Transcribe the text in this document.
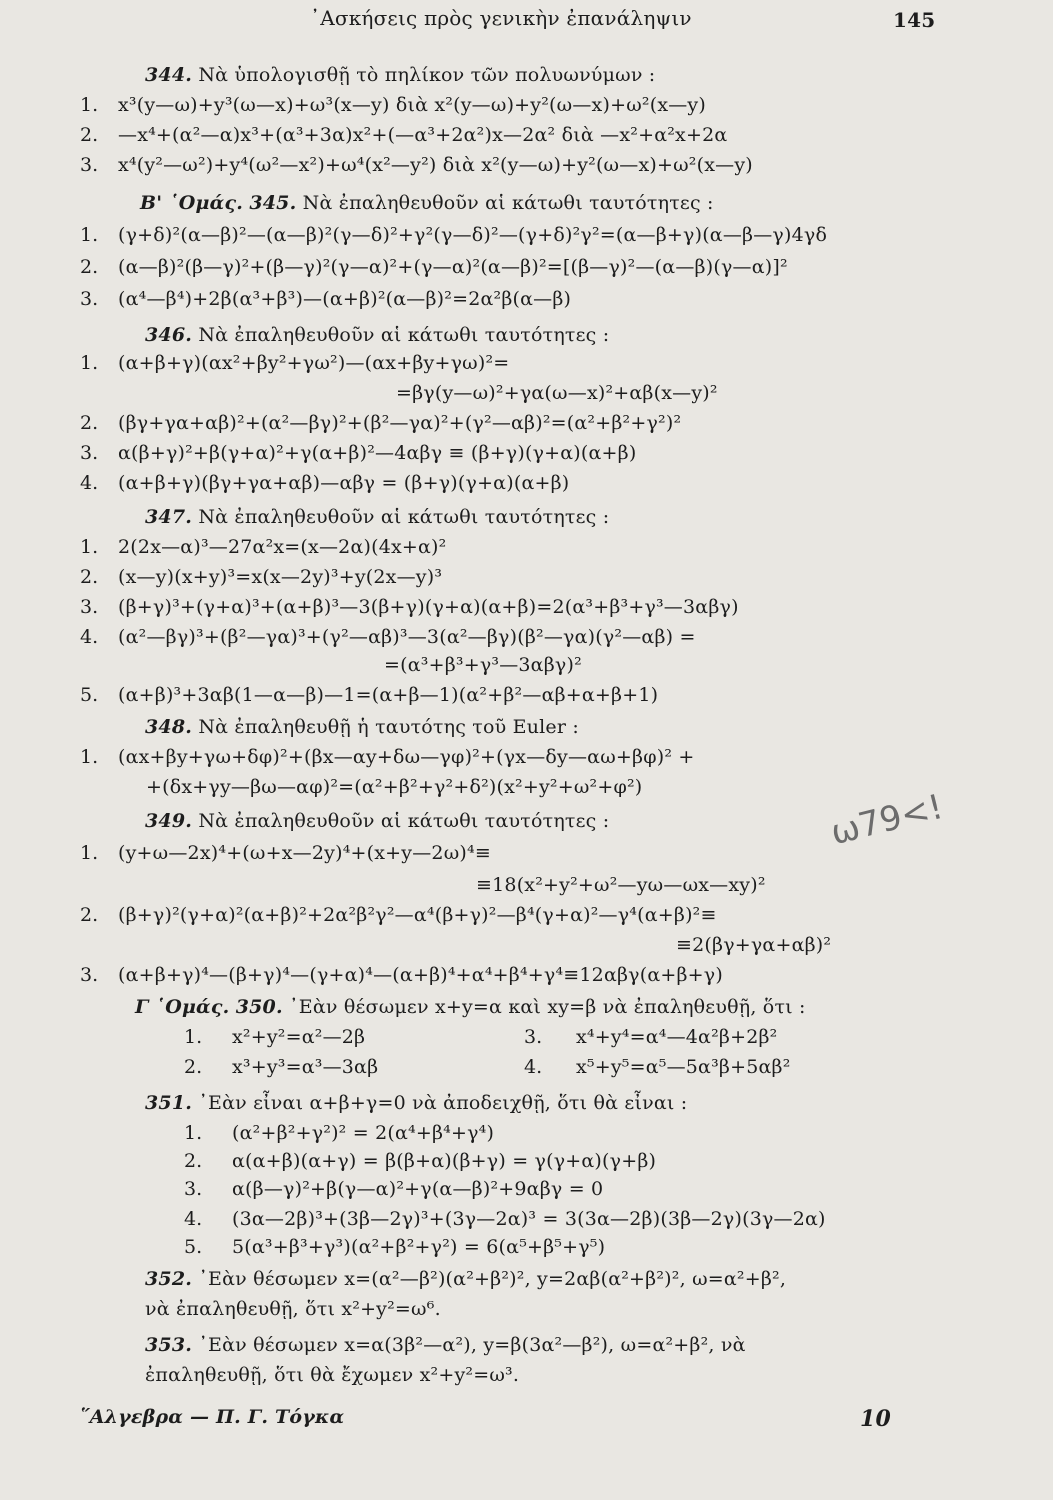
᾿Ασκήσεις πρὸς γενικὴν ἐπανάληψιν	145
344. Νὰ ὑπολογισθῇ τὸ πηλίκον τῶν πολυωνύμων :
1. x³(y—ω)+y³(ω—x)+ω³(x—y) διὰ x²(y—ω)+y²(ω—x)+ω²(x—y)
2. —x⁴+(α²—α)x³+(α³+3α)x²+(—α³+2α²)x—2α² διὰ —x²+α²x+2α
3. x⁴(y²—ω²)+y⁴(ω²—x²)+ω⁴(x²—y²) διὰ x²(y—ω)+y²(ω—x)+ω²(x—y)
Β' ῾Ομάς. 345. Νὰ ἐπαληθευθοῦν αἱ κάτωθι ταυτότητες :
1. (γ+δ)²(α—β)²—(α—β)²(γ—δ)²+γ²(γ—δ)²—(γ+δ)²γ²=(α—β+γ)(α—β—γ)4γδ
2. (α—β)²(β—γ)²+(β—γ)²(γ—α)²+(γ—α)²(α—β)²=[(β—γ)²—(α—β)(γ—α)]²
3. (α⁴—β⁴)+2β(α³+β³)—(α+β)²(α—β)²=2α²β(α—β)
346. Νὰ ἐπαληθευθοῦν αἱ κάτωθι ταυτότητες :
1. (α+β+γ)(αx²+βy²+γω²)—(αx+βy+γω)²=
=βγ(y—ω)²+γα(ω—x)²+αβ(x—y)²
2. (βγ+γα+αβ)²+(α²—βγ)²+(β²—γα)²+(γ²—αβ)²=(α²+β²+γ²)²
3. α(β+γ)²+β(γ+α)²+γ(α+β)²—4αβγ ≡ (β+γ)(γ+α)(α+β)
4. (α+β+γ)(βγ+γα+αβ)—αβγ = (β+γ)(γ+α)(α+β)
347. Νὰ ἐπαληθευθοῦν αἱ κάτωθι ταυτότητες :
1. 2(2x—α)³—27α²x=(x—2α)(4x+α)²
2. (x—y)(x+y)³=x(x—2y)³+y(2x—y)³
3. (β+γ)³+(γ+α)³+(α+β)³—3(β+γ)(γ+α)(α+β)=2(α³+β³+γ³—3αβγ)
4. (α²—βγ)³+(β²—γα)³+(γ²—αβ)³—3(α²—βγ)(β²—γα)(γ²—αβ) =
=(α³+β³+γ³—3αβγ)²
5. (α+β)³+3αβ(1—α—β)—1=(α+β—1)(α²+β²—αβ+α+β+1)
348. Νὰ ἐπαληθευθῇ ἡ ταυτότης τοῦ Euler :
1. (αx+βy+γω+δφ)²+(βx—αy+δω—γφ)²+(γx—δy—αω+βφ)² +
+(δx+γy—βω—αφ)²=(α²+β²+γ²+δ²)(x²+y²+ω²+φ²)
349. Νὰ ἐπαληθευθοῦν αἱ κάτωθι ταυτότητες :
1. (y+ω—2x)⁴+(ω+x—2y)⁴+(x+y—2ω)⁴≡
≡18(x²+y²+ω²—yω—ωx—xy)²
2. (β+γ)²(γ+α)²(α+β)²+2α²β²γ²—α⁴(β+γ)²—β⁴(γ+α)²—γ⁴(α+β)²≡
≡2(βγ+γα+αβ)²
3. (α+β+γ)⁴—(β+γ)⁴—(γ+α)⁴—(α+β)⁴+α⁴+β⁴+γ⁴≡12αβγ(α+β+γ)
Γ ῾Ομάς. 350. ᾿Εὰν θέσωμεν x+y=α καὶ xy=β νὰ ἐπαληθευθῇ, ὅτι :
1. x²+y²=α²—2β	3. x⁴+y⁴=α⁴—4α²β+2β²
2. x³+y³=α³—3αβ	4. x⁵+y⁵=α⁵—5α³β+5αβ²
351. ᾿Εὰν εἶναι α+β+γ=0 νὰ ἀποδειχθῇ, ὅτι θὰ εἶναι :
1. (α²+β²+γ²)² = 2(α⁴+β⁴+γ⁴)
2. α(α+β)(α+γ) = β(β+α)(β+γ) = γ(γ+α)(γ+β)
3. α(β—γ)²+β(γ—α)²+γ(α—β)²+9αβγ = 0
4. (3α—2β)³+(3β—2γ)³+(3γ—2α)³ = 3(3α—2β)(3β—2γ)(3γ—2α)
5. 5(α³+β³+γ³)(α²+β²+γ²) = 6(α⁵+β⁵+γ⁵)
352. ᾿Εὰν θέσωμεν x=(α²—β²)(α²+β²)², y=2αβ(α²+β²)², ω=α²+β²,
νὰ ἐπαληθευθῇ, ὅτι x²+y²=ω⁶.
353. ᾿Εὰν θέσωμεν x=α(3β²—α²), y=β(3α²—β²), ω=α²+β², νὰ
ἐπαληθευθῇ, ὅτι θὰ ἔχωμεν x²+y²=ω³.
῞Αλγεβρα — Π. Γ. Τόγκα	10
ω79<!
